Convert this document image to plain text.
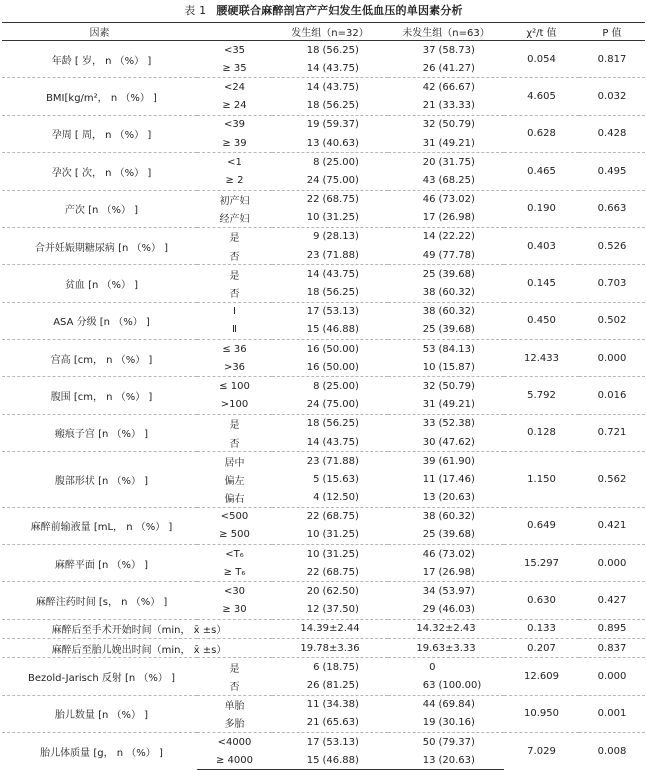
表 1 腰硬联合麻醉剖宫产产妇发生低血压的单因素分析
因素		发生组（n=32）	未发生组（n=63）	χ²/t 值	P 值
年龄 [ 岁， n （%） ]	<35	18 (56.25)	37 (58.73)	0.054	0.817
	≥ 35	14 (43.75)	26 (41.27)		
BMI[kg/m²， n （%） ]	<24	14 (43.75)	42 (66.67)	4.605	0.032
	≥ 24	18 (56.25)	21 (33.33)		
孕周 [ 周， n （%） ]	<39	19 (59.37)	32 (50.79)	0.628	0.428
	≥ 39	13 (40.63)	31 (49.21)		
孕次 [ 次， n （%） ]	<1	8 (25.00)	20 (31.75)	0.465	0.495
	≥ 2	24 (75.00)	43 (68.25)		
产次 [n （%） ]	初产妇	22 (68.75)	46 (73.02)	0.190	0.663
	经产妇	10 (31.25)	17 (26.98)		
合并妊娠期糖尿病 [n （%） ]	是	9 (28.13)	14 (22.22)	0.403	0.526
	否	23 (71.88)	49 (77.78)		
贫血 [n （%） ]	是	14 (43.75)	25 (39.68)	0.145	0.703
	否	18 (56.25)	38 (60.32)		
ASA 分级 [n （%） ]	Ⅰ	17 (53.13)	38 (60.32)	0.450	0.502
	Ⅱ	15 (46.88)	25 (39.68)		
宫高 [cm， n （%） ]	≤ 36	16 (50.00)	53 (84.13)	12.433	0.000
	>36	16 (50.00)	10 (15.87)		
腹围 [cm， n （%） ]	≤ 100	8 (25.00)	32 (50.79)	5.792	0.016
	>100	24 (75.00)	31 (49.21)		
瘢痕子宫 [n （%） ]	是	18 (56.25)	33 (52.38)	0.128	0.721
	否	14 (43.75)	30 (47.62)		
腹部形状 [n （%） ]	居中	23 (71.88)	39 (61.90)	1.150	0.562
	偏左	5 (15.63)	11 (17.46)		
	偏右	4 (12.50)	13 (20.63)		
麻醉前输液量 [mL， n （%） ]	<500	22 (68.75)	38 (60.32)	0.649	0.421
	≥ 500	10 (31.25)	25 (39.68)		
麻醉平面 [n （%） ]	<T₆	10 (31.25)	46 (73.02)	15.297	0.000
	≥ T₆	22 (68.75)	17 (26.98)		
麻醉注药时间 [s， n （%） ]	<30	20 (62.50)	34 (53.97)	0.630	0.427
	≥ 30	12 (37.50)	29 (46.03)		
麻醉后至手术开始时间（min， x̄ ±s）		14.39±2.44	14.32±2.43	0.133	0.895
麻醉后至胎儿娩出时间（min， x̄ ±s）		19.78±3.36	19.63±3.33	0.207	0.837
Bezold-Jarisch 反射 [n （%） ]	是	6 (18.75)	0	12.609	0.000
	否	26 (81.25)	63 (100.00)		
胎儿数量 [n （%） ]	单胎	11 (34.38)	44 (69.84)	10.950	0.001
	多胎	21 (65.63)	19 (30.16)		
胎儿体质量 [g， n （%） ]	<4000	17 (53.13)	50 (79.37)	7.029	0.008
	≥ 4000	15 (46.88)	13 (20.63)		
